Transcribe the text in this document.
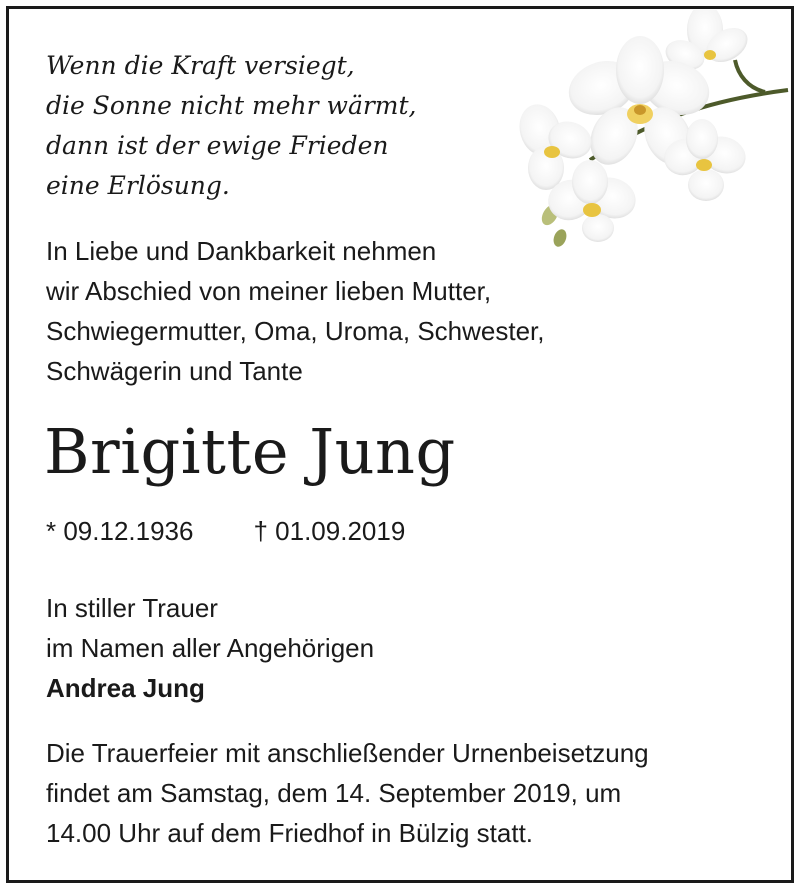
Wenn die Kraft versiegt,
die Sonne nicht mehr wärmt,
dann ist der ewige Frieden
eine Erlösung.
In Liebe und Dankbarkeit nehmen
wir Abschied von meiner lieben Mutter,
Schwiegermutter, Oma, Uroma, Schwester,
Schwägerin und Tante
Brigitte Jung
* 09.12.1936 † 01.09.2019
In stiller Trauer
im Namen aller Angehörigen
Andrea Jung
Die Trauerfeier mit anschließender Urnenbeisetzung
findet am Samstag, dem 14. September 2019, um
14.00 Uhr auf dem Friedhof in Bülzig statt.
